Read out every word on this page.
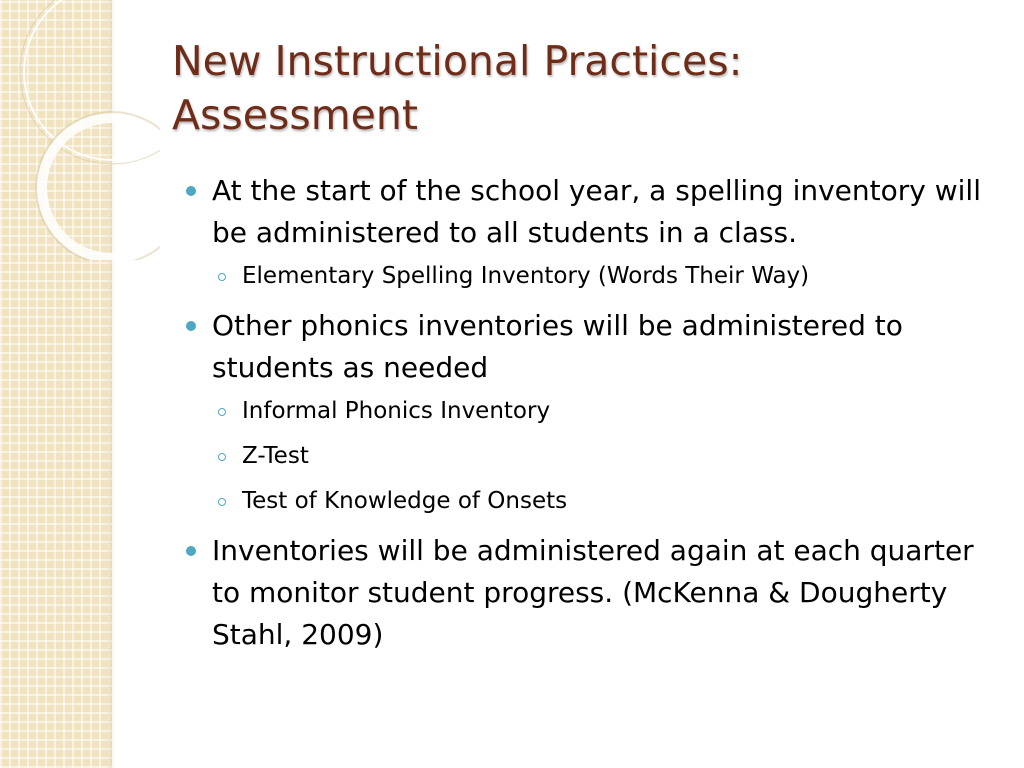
New Instructional Practices:
Assessment
At the start of the school year, a spelling inventory will be administered to all students in a class.
Elementary Spelling Inventory (Words Their Way)
Other phonics inventories will be administered to students as needed
Informal Phonics Inventory
Z-Test
Test of Knowledge of Onsets
Inventories will be administered again at each quarter to monitor student progress. (McKenna & Dougherty Stahl, 2009)
